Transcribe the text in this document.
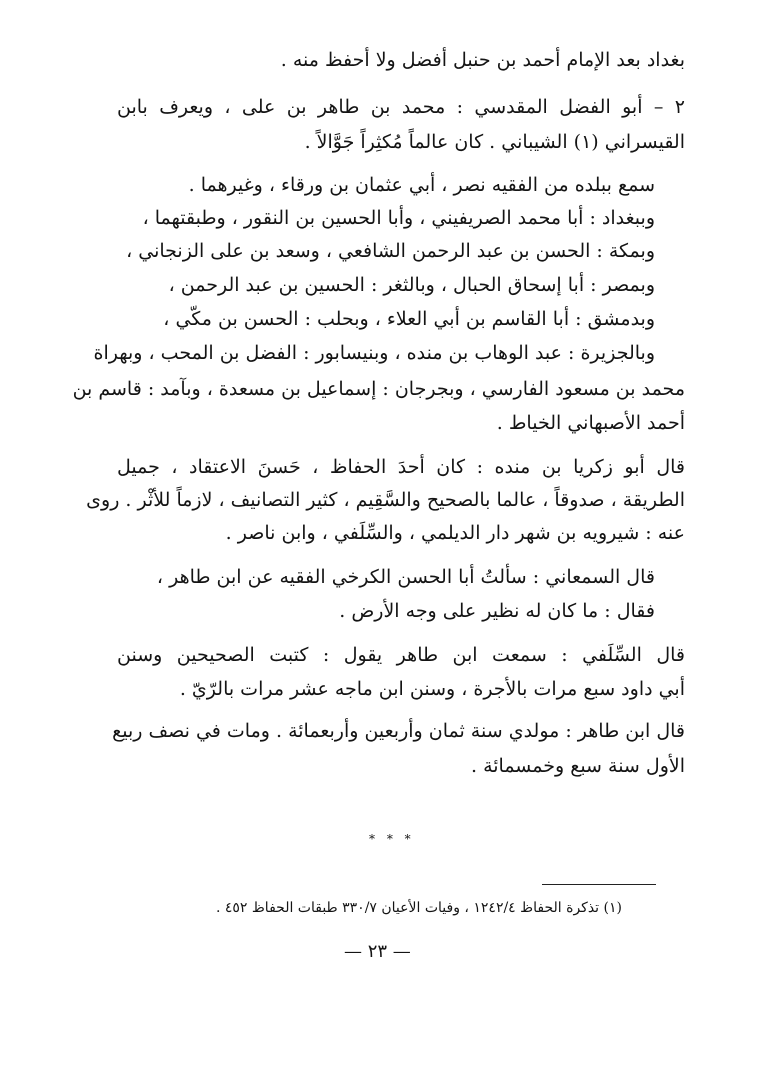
بغداد بعد الإمام أحمد بن حنبل أفضل ولا أحفظ منه .
٢ – أبو الفضل المقدسي : محمد بن طاهر بن على ، ويعرف بابن
القيسراني (١) الشيباني . كان عالماً مُكثِراً جَوَّالاً .
سمع ببلده من الفقيه نصر ، أبي عثمان بن ورقاء ، وغيرهما .
وببغداد : أبا محمد الصريفيني ، وأبا الحسين بن النقور ، وطبقتهما ،
وبمكة : الحسن بن عبد الرحمن الشافعي ، وسعد بن على الزنجاني ،
وبمصر : أبا إسحاق الحبال ، وبالثغر : الحسين بن عبد الرحمن ،
وبدمشق : أبا القاسم بن أبي العلاء ، وبحلب : الحسن بن مكّي ،
وبالجزيرة : عبد الوهاب بن منده ، وبنيسابور : الفضل بن المحب ، وبهراة
محمد بن مسعود الفارسي ، وبجرجان : إسماعيل بن مسعدة ، وبآمد : قاسم بن
أحمد الأصبهاني الخياط .
قال أبو زكريا بن منده : كان أحدَ الحفاظ ، حَسنَ الاعتقاد ، جميل
الطريقة ، صدوقاً ، عالما بالصحيح والسَّقِيم ، كثير التصانيف ، لازماً للأثْر . روى
عنه : شيرويه بن شهر دار الديلمي ، والسِّلَفي ، وابن ناصر .
قال السمعاني : سألتُ أبا الحسن الكرخي الفقيه عن ابن طاهر ،
فقال : ما كان له نظير على وجه الأرض .
قال السِّلَفي : سمعت ابن طاهر يقول : كتبت الصحيحين وسنن
أبي داود سبع مرات بالأجرة ، وسنن ابن ماجه عشر مرات بالرّيّ .
قال ابن طاهر : مولدي سنة ثمان وأربعين وأربعمائة . ومات في نصف ربيع
الأول سنة سبع وخمسمائة .
* * *
(١) تذكرة الحفاظ ١٢٤٢/٤ ، وفيات الأعيان ٣٣٠/٧ طبقات الحفاظ ٤٥٢ .
— ٢٣ —
